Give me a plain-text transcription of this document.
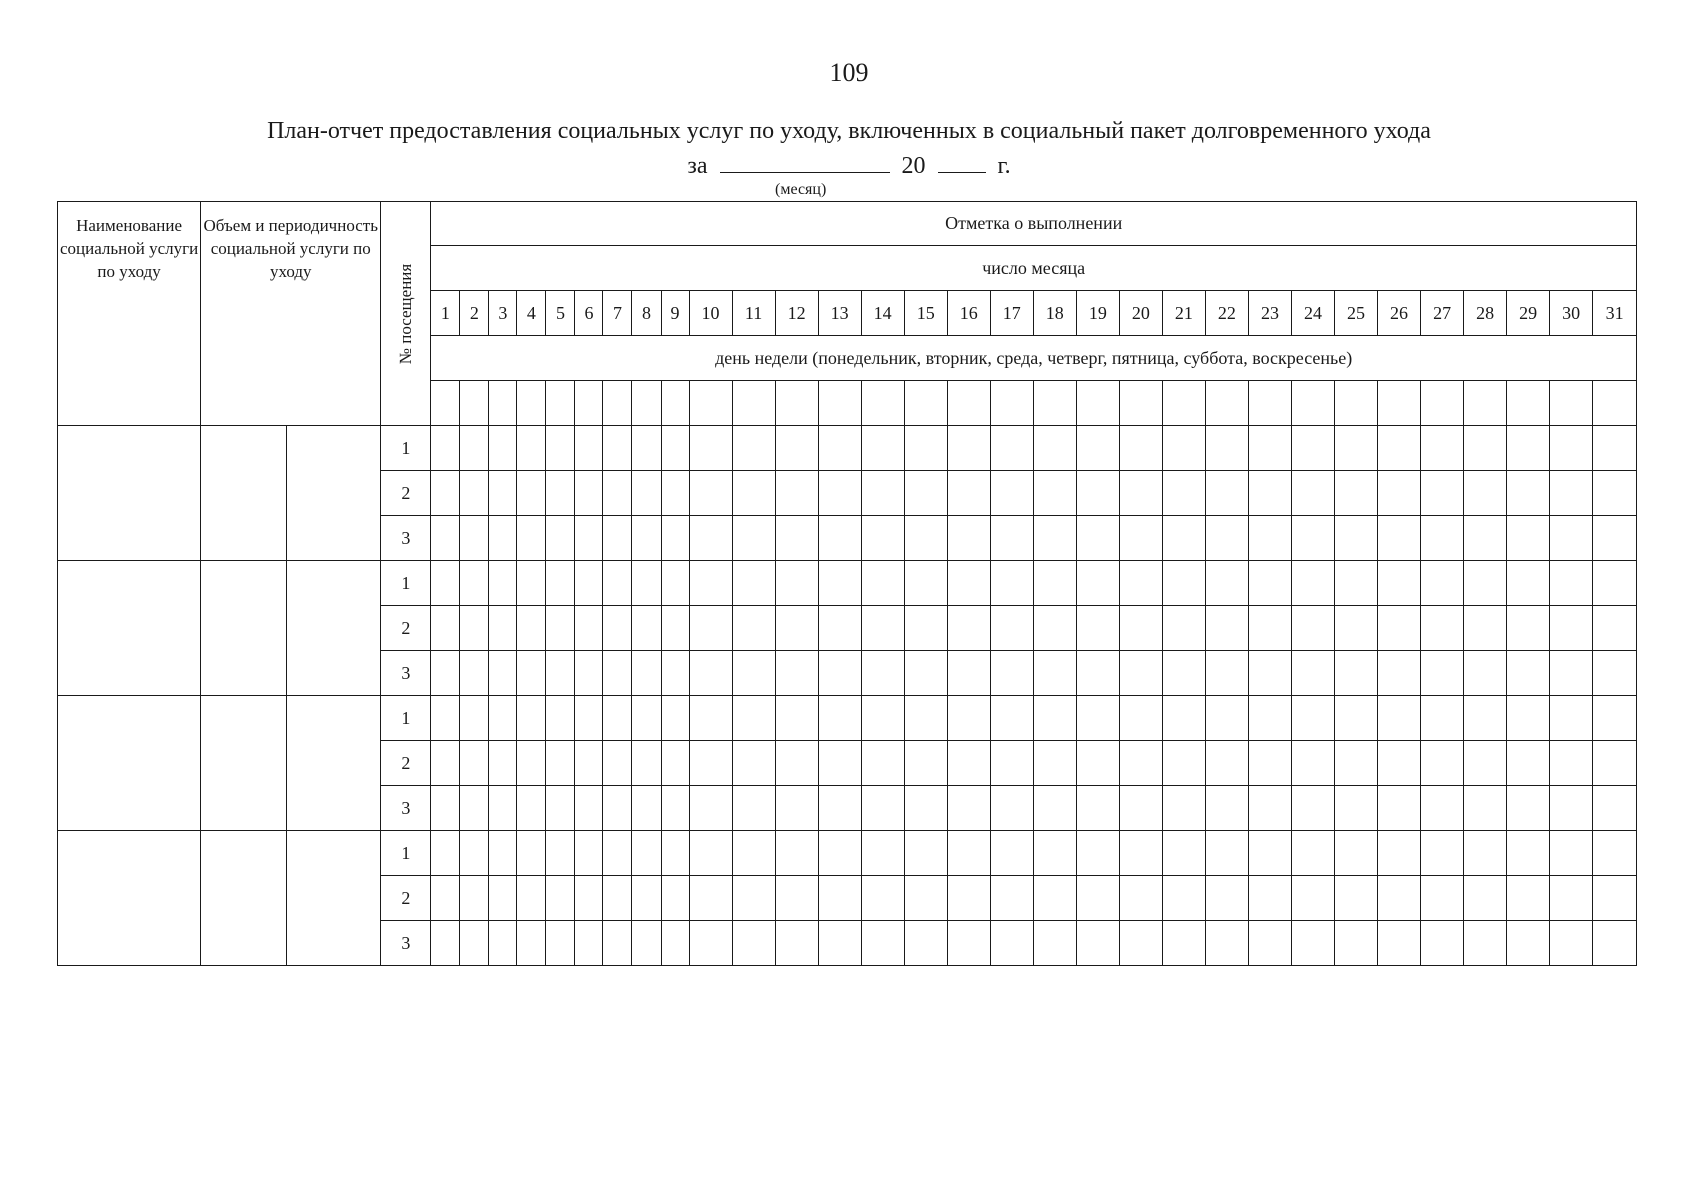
109
План-отчет предоставления социальных услуг по уходу, включенных в социальный пакет долговременного ухода
за	20	г.
(месяц)
Наименование социальной услуги по уходу	Объем и периодичность социальной услуги по уходу		№ посещения	Отметка о выполнении																														
				число месяца																														
				1	2	3	4	5	6	7	8	9	10	11	12	13	14	15	16	17	18	19	20	21	22	23	24	25	26	27	28	29	30	31
				день недели (понедельник, вторник, среда, четверг, пятница, суббота, воскресенье)																														

			1																															
			2																															
			3																															
			1																															
			2																															
			3																															
			1																															
			2																															
			3																															
			1																															
			2																															
			3																															
